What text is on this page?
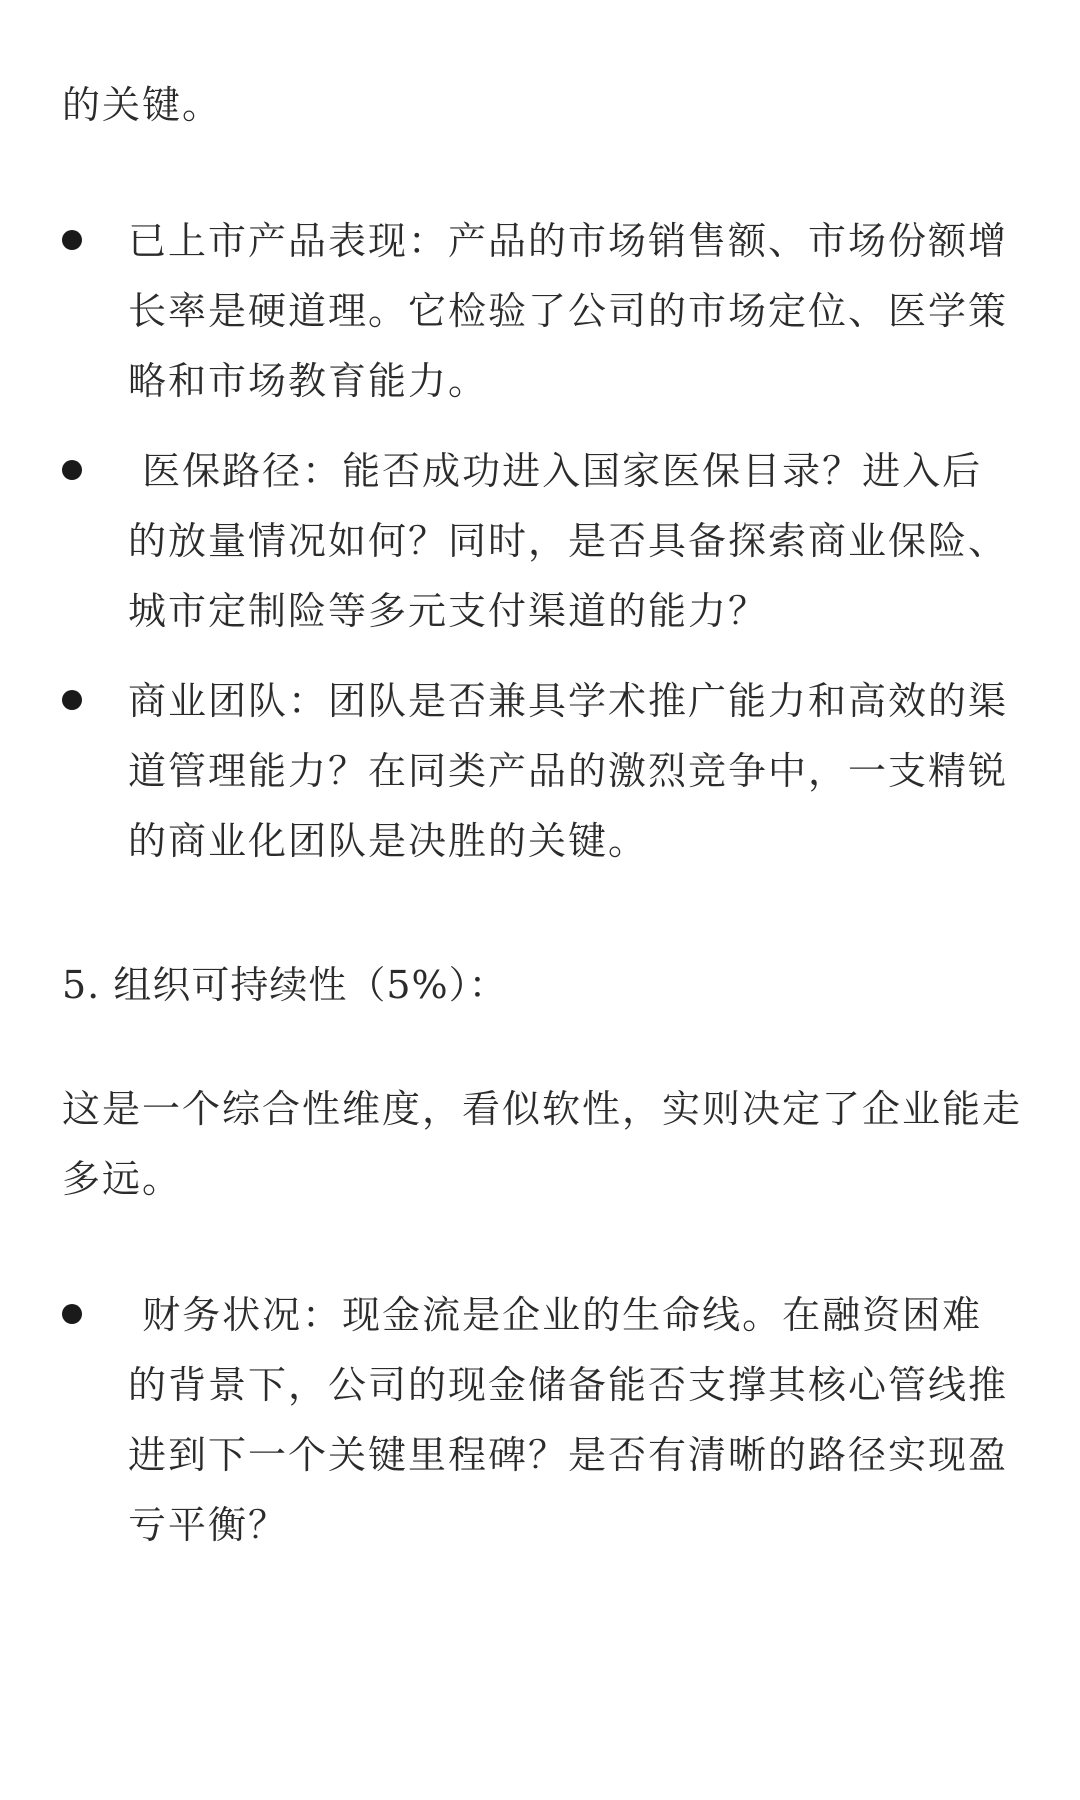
的关键。

已上市产品表现：产品的市场销售额、市场份额增长率是硬道理。它检验了公司的市场定位、医学策略和市场教育能力。
医保路径：能否成功进入国家医保目录？进入后的放量情况如何？同时，是否具备探索商业保险、城市定制险等多元支付渠道的能力？
商业团队：团队是否兼具学术推广能力和高效的渠道管理能力？在同类产品的激烈竞争中，一支精锐的商业化团队是决胜的关键。

5. 组织可持续性（5%）：

这是一个综合性维度，看似软性，实则决定了企业能走多远。

财务状况：现金流是企业的生命线。在融资困难的背景下，公司的现金储备能否支撑其核心管线推进到下一个关键里程碑？是否有清晰的路径实现盈亏平衡？
